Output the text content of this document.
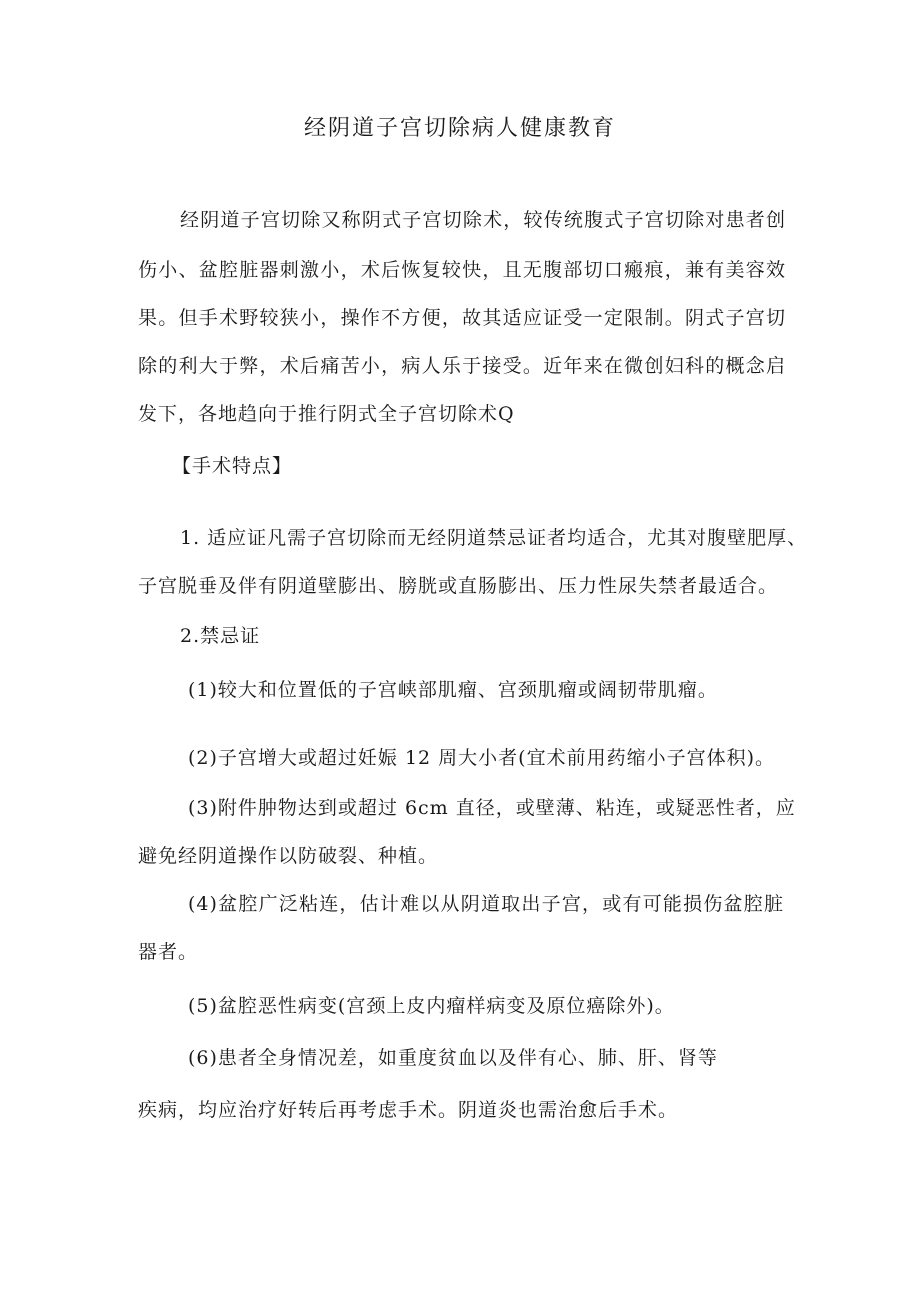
经阴道子宫切除病人健康教育
经阴道子宫切除又称阴式子宫切除术，较传统腹式子宫切除对患者创
伤小、盆腔脏器刺激小，术后恢复较快，且无腹部切口瘢痕，兼有美容效
果。但手术野较狭小，操作不方便，故其适应证受一定限制。阴式子宫切
除的利大于弊，术后痛苦小，病人乐于接受。近年来在微创妇科的概念启
发下，各地趋向于推行阴式全子宫切除术Q
【手术特点】
1. 适应证凡需子宫切除而无经阴道禁忌证者均适合，尤其对腹壁肥厚、
子宫脱垂及伴有阴道壁膨出、膀胱或直肠膨出、压力性尿失禁者最适合。
2.禁忌证
(1)较大和位置低的子宫峡部肌瘤、宫颈肌瘤或阔韧带肌瘤。
(2)子宫增大或超过妊娠 12 周大小者(宜术前用药缩小子宫体积)。
(3)附件肿物达到或超过 6cm 直径，或壁薄、粘连，或疑恶性者，应
避免经阴道操作以防破裂、种植。
(4)盆腔广泛粘连，估计难以从阴道取出子宫，或有可能损伤盆腔脏
器者。
(5)盆腔恶性病变(宫颈上皮内瘤样病变及原位癌除外)。
(6)患者全身情况差，如重度贫血以及伴有心、肺、肝、肾等
疾病，均应治疗好转后再考虑手术。阴道炎也需治愈后手术。
